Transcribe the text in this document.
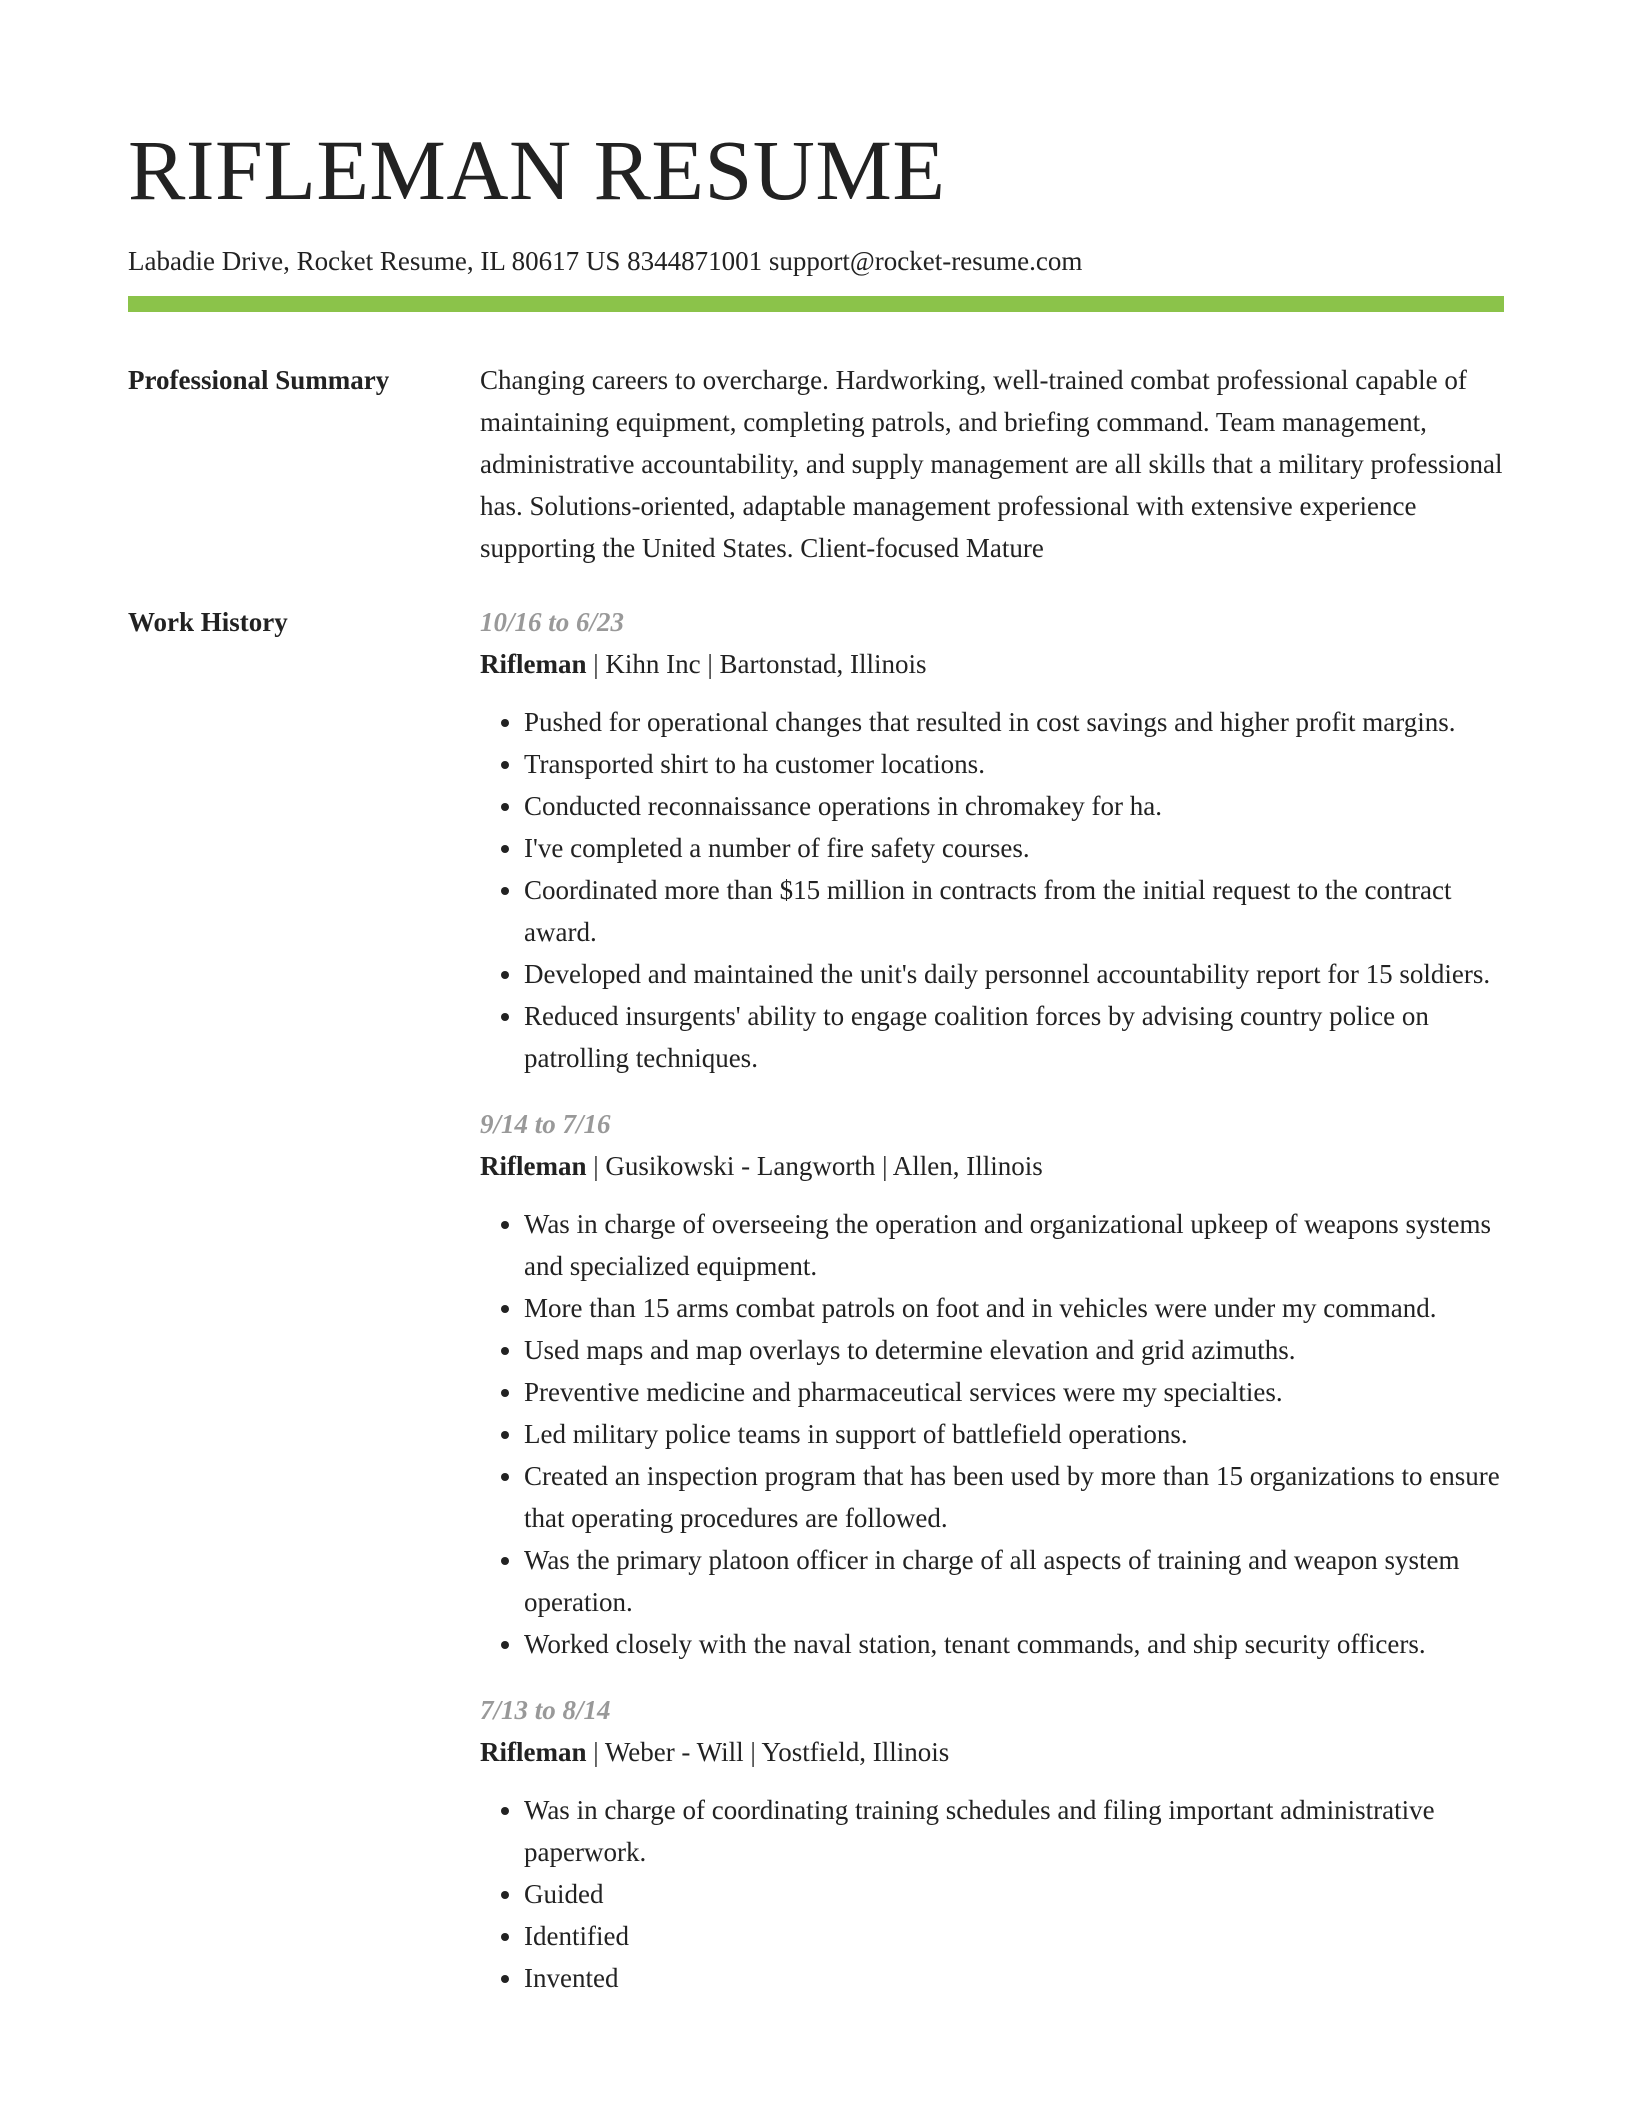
RIFLEMAN RESUME
Labadie Drive, Rocket Resume, IL 80617 US 8344871001 support@rocket-resume.com
Professional Summary	Changing careers to overcharge. Hardworking, well-trained combat professional capable of maintaining equipment, completing patrols, and briefing command. Team management, administrative accountability, and supply management are all skills that a military professional has. Solutions-oriented, adaptable management professional with extensive experience supporting the United States. Client-focused Mature

Work History	10/16 to 6/23
Rifleman | Kihn Inc | Bartonstad, Illinois
• Pushed for operational changes that resulted in cost savings and higher profit margins.
• Transported shirt to ha customer locations.
• Conducted reconnaissance operations in chromakey for ha.
• I've completed a number of fire safety courses.
• Coordinated more than $15 million in contracts from the initial request to the contract award.
• Developed and maintained the unit's daily personnel accountability report for 15 soldiers.
• Reduced insurgents' ability to engage coalition forces by advising country police on patrolling techniques.
9/14 to 7/16
Rifleman | Gusikowski - Langworth | Allen, Illinois
• Was in charge of overseeing the operation and organizational upkeep of weapons systems and specialized equipment.
• More than 15 arms combat patrols on foot and in vehicles were under my command.
• Used maps and map overlays to determine elevation and grid azimuths.
• Preventive medicine and pharmaceutical services were my specialties.
• Led military police teams in support of battlefield operations.
• Created an inspection program that has been used by more than 15 organizations to ensure that operating procedures are followed.
• Was the primary platoon officer in charge of all aspects of training and weapon system operation.
• Worked closely with the naval station, tenant commands, and ship security officers.
7/13 to 8/14
Rifleman | Weber - Will | Yostfield, Illinois
• Was in charge of coordinating training schedules and filing important administrative paperwork.
• Guided
• Identified
• Invented
